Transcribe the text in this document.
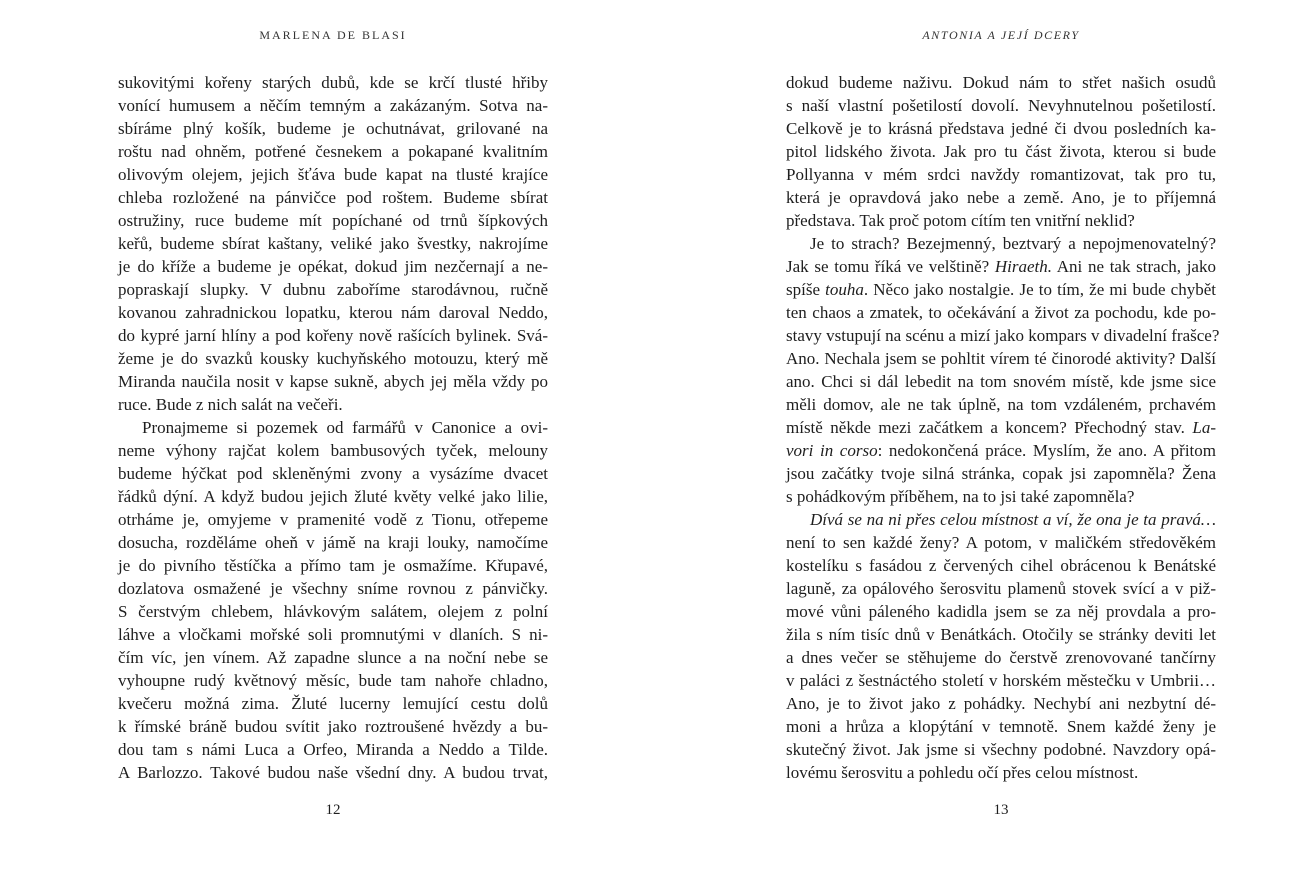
MARLENA DE BLASI
sukovitými kořeny starých dubů, kde se krčí tlusté hřiby
vonící humusem a něčím temným a zakázaným. Sotva na-
sbíráme plný košík, budeme je ochutnávat, grilované na
roštu nad ohněm, potřené česnekem a pokapané kvalitním
olivovým olejem, jejich šťáva bude kapat na tlusté krajíce
chleba rozložené na pánvičce pod roštem. Budeme sbírat
ostružiny, ruce budeme mít popíchané od trnů šípkových
keřů, budeme sbírat kaštany, veliké jako švestky, nakrojíme
je do kříže a budeme je opékat, dokud jim nezčernají a ne-
popraskají slupky. V dubnu zaboříme starodávnou, ručně
kovanou zahradnickou lopatku, kterou nám daroval Neddo,
do kypré jarní hlíny a pod kořeny nově rašících bylinek. Svá-
žeme je do svazků kousky kuchyňského motouzu, který mě
Miranda naučila nosit v kapse sukně, abych jej měla vždy po
ruce. Bude z nich salát na večeři.
Pronajmeme si pozemek od farmářů v Canonice a ovi-
neme výhony rajčat kolem bambusových tyček, melouny
budeme hýčkat pod skleněnými zvony a vysázíme dvacet
řádků dýní. A když budou jejich žluté květy velké jako lilie,
otrháme je, omyjeme v pramenité vodě z Tionu, otřepeme
dosucha, rozděláme oheň v jámě na kraji louky, namočíme
je do pivního těstíčka a přímo tam je osmažíme. Křupavé,
dozlatova osmažené je všechny sníme rovnou z pánvičky.
S čerstvým chlebem, hlávkovým salátem, olejem z polní
láhve a vločkami mořské soli promnutými v dlaních. S ni-
čím víc, jen vínem. Až zapadne slunce a na noční nebe se
vyhoupne rudý květnový měsíc, bude tam nahoře chladno,
kvečeru možná zima. Žluté lucerny lemující cestu dolů
k římské bráně budou svítit jako roztroušené hvězdy a bu-
dou tam s námi Luca a Orfeo, Miranda a Neddo a Tilde.
A Barlozzo. Takové budou naše všední dny. A budou trvat,
12
ANTONIA A JEJÍ DCERY
dokud budeme naživu. Dokud nám to střet našich osudů
s naší vlastní pošetilostí dovolí. Nevyhnutelnou pošetilostí.
Celkově je to krásná představa jedné či dvou posledních ka-
pitol lidského života. Jak pro tu část života, kterou si bude
Pollyanna v mém srdci navždy romantizovat, tak pro tu,
která je opravdová jako nebe a země. Ano, je to příjemná
představa. Tak proč potom cítím ten vnitřní neklid?
Je to strach? Bezejmenný, beztvarý a nepojmenovatelný?
Jak se tomu říká ve velštině? Hiraeth. Ani ne tak strach, jako
spíše touha. Něco jako nostalgie. Je to tím, že mi bude chybět
ten chaos a zmatek, to očekávání a život za pochodu, kde po-
stavy vstupují na scénu a mizí jako kompars v divadelní frašce?
Ano. Nechala jsem se pohltit vírem té činorodé aktivity? Další
ano. Chci si dál lebedit na tom snovém místě, kde jsme sice
měli domov, ale ne tak úplně, na tom vzdáleném, prchavém
místě někde mezi začátkem a koncem? Přechodný stav. La-
vori in corso: nedokončená práce. Myslím, že ano. A přitom
jsou začátky tvoje silná stránka, copak jsi zapomněla? Žena
s pohádkovým příběhem, na to jsi také zapomněla?
Dívá se na ni přes celou místnost a ví, že ona je ta pravá…
není to sen každé ženy? A potom, v maličkém středověkém
kostelíku s fasádou z červených cihel obrácenou k Benátské
laguně, za opálového šerosvitu plamenů stovek svící a v piž-
mové vůni páleného kadidla jsem se za něj provdala a pro-
žila s ním tisíc dnů v Benátkách. Otočily se stránky deviti let
a dnes večer se stěhujeme do čerstvě zrenovované tančírny
v paláci z šestnáctého století v horském městečku v Umbrii…
Ano, je to život jako z pohádky. Nechybí ani nezbytní dé-
moni a hrůza a klopýtání v temnotě. Snem každé ženy je
skutečný život. Jak jsme si všechny podobné. Navzdory opá-
lovému šerosvitu a pohledu očí přes celou místnost.
13
